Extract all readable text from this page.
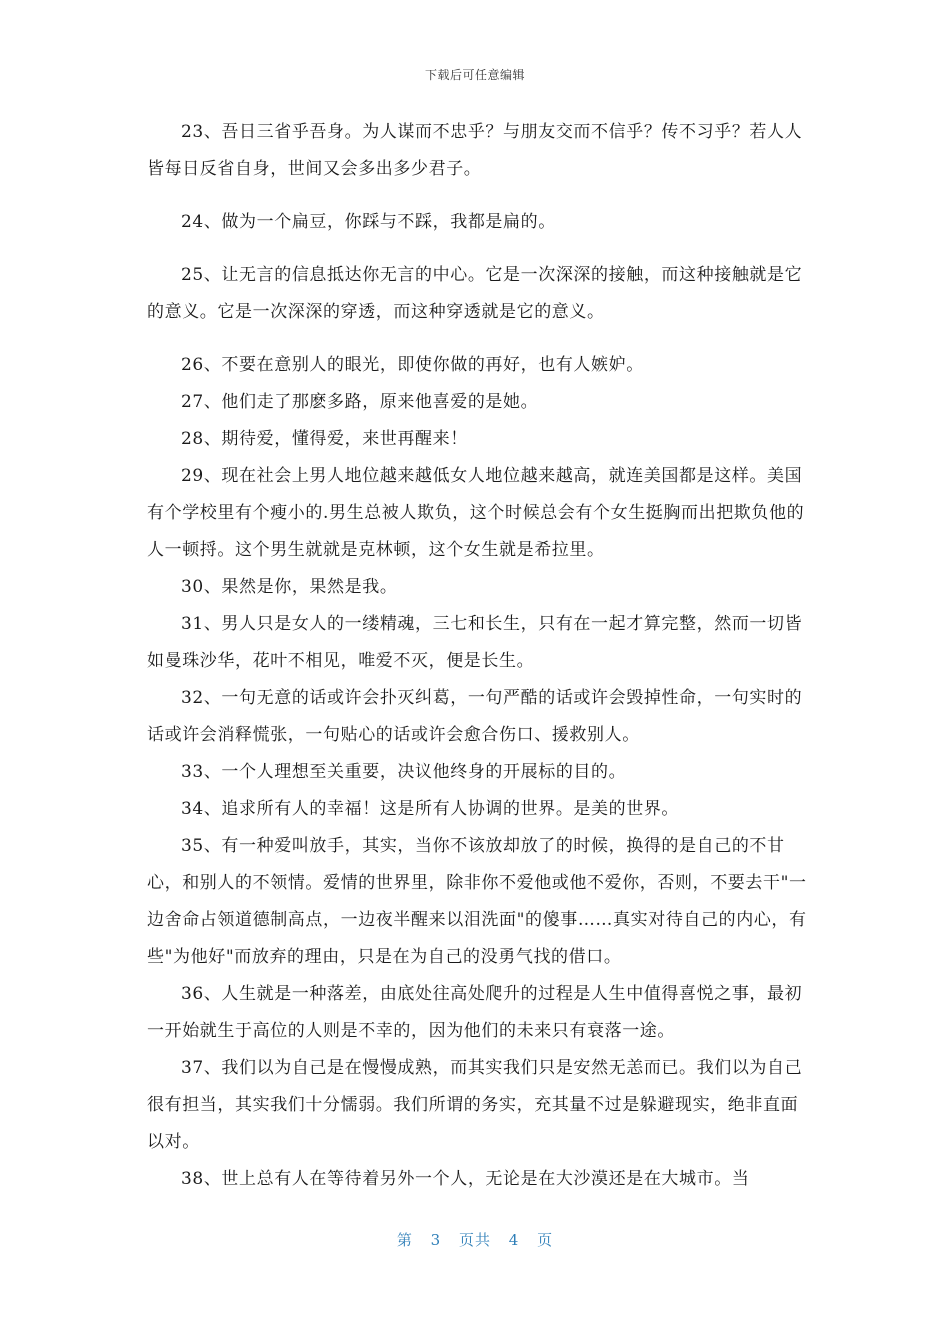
下载后可任意编辑

23、吾日三省乎吾身。为人谋而不忠乎？与朋友交而不信乎？传不习乎？若人人皆每日反省自身，世间又会多出多少君子。

24、做为一个扁豆，你踩与不踩，我都是扁的。

25、让无言的信息抵达你无言的中心。它是一次深深的接触，而这种接触就是它的意义。它是一次深深的穿透，而这种穿透就是它的意义。

26、不要在意别人的眼光，即使你做的再好，也有人嫉妒。

27、他们走了那麽多路，原来他喜爱的是她。

28、期待爱，懂得爱，来世再醒来！

29、现在社会上男人地位越来越低女人地位越来越高，就连美国都是这样。美国有个学校里有个瘦小的.男生总被人欺负，这个时候总会有个女生挺胸而出把欺负他的人一顿捋。这个男生就就是克林顿，这个女生就是希拉里。

30、果然是你，果然是我。

31、男人只是女人的一缕精魂，三七和长生，只有在一起才算完整，然而一切皆如曼珠沙华，花叶不相见，唯爱不灭，便是长生。

32、一句无意的话或许会扑灭纠葛，一句严酷的话或许会毁掉性命，一句实时的话或许会消释慌张，一句贴心的话或许会愈合伤口、援救别人。

33、一个人理想至关重要，决议他终身的开展标的目的。

34、追求所有人的幸福！这是所有人协调的世界。是美的世界。

35、有一种爱叫放手，其实，当你不该放却放了的时候，换得的是自己的不甘心，和别人的不领情。爱情的世界里，除非你不爱他或他不爱你，否则，不要去干"一边舍命占领道德制高点，一边夜半醒来以泪洗面"的傻事……真实对待自己的内心，有些"为他好"而放弃的理由，只是在为自己的没勇气找的借口。

36、人生就是一种落差，由底处往高处爬升的过程是人生中值得喜悦之事，最初一开始就生于高位的人则是不幸的，因为他们的未来只有衰落一途。

37、我们以为自己是在慢慢成熟，而其实我们只是安然无恙而已。我们以为自己很有担当，其实我们十分懦弱。我们所谓的务实，充其量不过是躲避现实，绝非直面以对。

38、世上总有人在等待着另外一个人，无论是在大沙漠还是在大城市。当

第 3 页共 4 页
